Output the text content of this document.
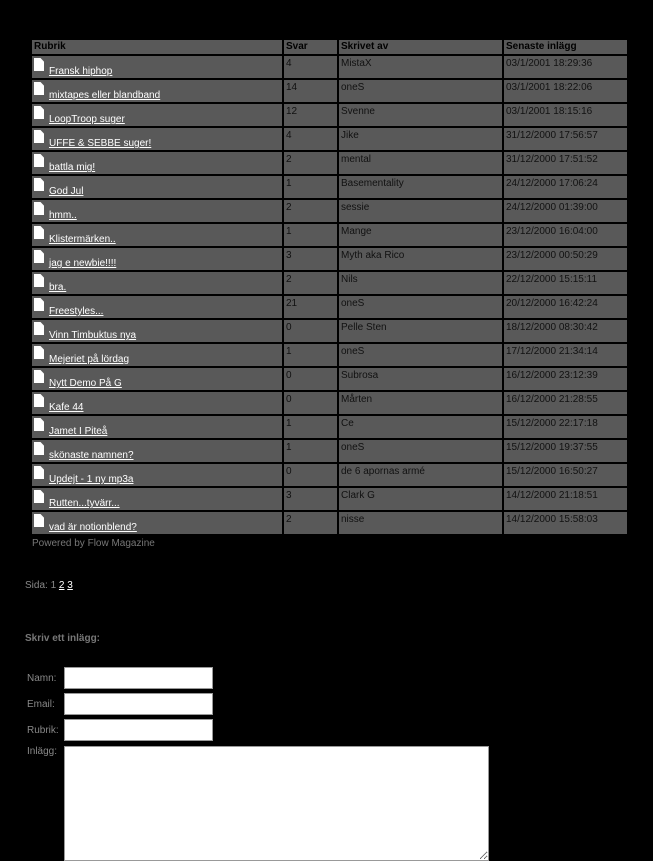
Rubrik	Svar	Skrivet av	Senaste inlägg

Fransk hiphop	4	MistaX	03/1/2001 18:29:36

mixtapes eller blandband	14	oneS	03/1/2001 18:22:06

LoopTroop suger	12	Svenne	03/1/2001 18:15:16

UFFE & SEBBE suger!	4	Jike	31/12/2000 17:56:57

battla mig!	2	mental	31/12/2000 17:51:52

God Jul	1	Basementality	24/12/2000 17:06:24

hmm..	2	sessie	24/12/2000 01:39:00

Klistermärken..	1	Mange	23/12/2000 16:04:00

jag e newbie!!!!	3	Myth aka Rico	23/12/2000 00:50:29

bra.	2	Nils	22/12/2000 15:15:11

Freestyles...	21	oneS	20/12/2000 16:42:24

Vinn Timbuktus nya	0	Pelle Sten	18/12/2000 08:30:42

Mejeriet på lördag	1	oneS	17/12/2000 21:34:14

Nytt Demo På G	0	Subrosa	16/12/2000 23:12:39

Kafe 44	0	Mårten	16/12/2000 21:28:55

Jamet I Piteå	1	Ce	15/12/2000 22:17:18

skönaste namnen?	1	oneS	15/12/2000 19:37:55

Updejt - 1 ny mp3a	0	de 6 apornas armé	15/12/2000 16:50:27

Rutten...tyvärr...	3	Clark G	14/12/2000 21:18:51

vad är notionblend?	2	nisse	14/12/2000 15:58:03
Powered by Flow Magazine
Sida: 1 2 3
Skriv ett inlägg:
Namn:
Email:
Rubrik:
Inlägg:
